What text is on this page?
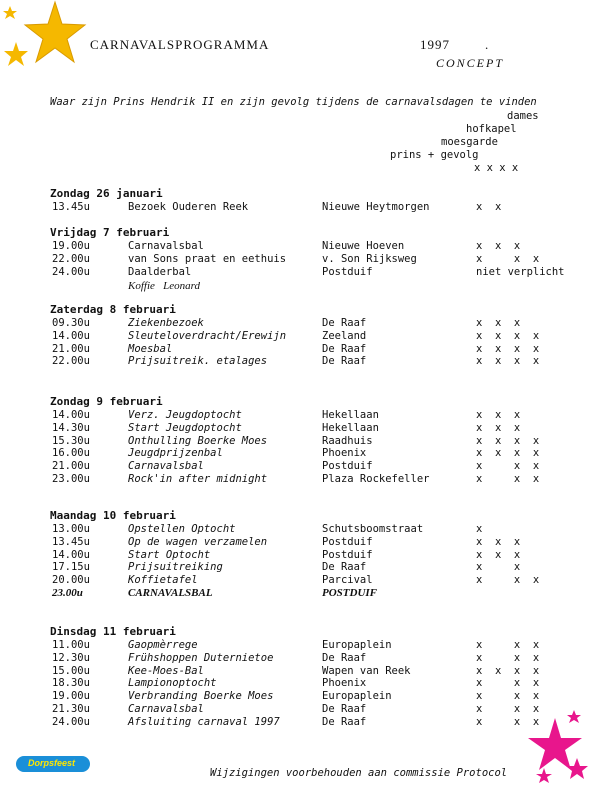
CARNAVALSPROGRAMMA	1997	.
CONCEPT
Waar zijn Prins Hendrik II en zijn gevolg tijdens de carnavalsdagen te vinden
dames
hofkapel
moesgarde
prins + gevolg
x x x x
Zondag 26 januari
13.45u	Bezoek Ouderen Reek	Nieuwe Heytmorgen	x  x
Vrijdag 7 februari
19.00u	Carnavalsbal	Nieuwe Hoeven	x  x  x
22.00u	van Sons praat en eethuis	v. Son Rijksweg	x     x  x
24.00u	Daalderbal	Postduif	niet verplicht
Koffie   Leonard
Zaterdag 8 februari
09.30u	Ziekenbezoek	De Raaf	x  x  x
14.00u	Sleuteloverdracht/Erewijn	Zeeland	x  x  x  x
21.00u	Moesbal	De Raaf	x  x  x  x
22.00u	Prijsuitreik. etalages	De Raaf	x  x  x  x
Zondag 9 februari
14.00u	Verz. Jeugdoptocht	Hekellaan	x  x  x
14.30u	Start Jeugdoptocht	Hekellaan	x  x  x
15.30u	Onthulling Boerke Moes	Raadhuis	x  x  x  x
16.00u	Jeugdprijzenbal	Phoenix	x  x  x  x
21.00u	Carnavalsbal	Postduif	x     x  x
23.00u	Rock'in after midnight	Plaza Rockefeller	x     x  x
Maandag 10 februari
13.00u	Opstellen Optocht	Schutsboomstraat	x
13.45u	Op de wagen verzamelen	Postduif	x  x  x
14.00u	Start Optocht	Postduif	x  x  x
17.15u	Prijsuitreiking	De Raaf	x     x
20.00u	Koffietafel	Parcival	x     x  x
23.00u	CARNAVALSBAL	POSTDUIF
Dinsdag 11 februari
11.00u	Gaopmèrrege	Europaplein	x     x  x
12.30u	Frühshoppen Duternietoe	De Raaf	x     x  x
15.00u	Kee-Moes-Bal	Wapen van Reek	x  x  x  x
18.30u	Lampionoptocht	Phoenix	x     x  x
19.00u	Verbranding Boerke Moes	Europaplein	x     x  x
21.30u	Carnavalsbal	De Raaf	x     x  x
24.00u	Afsluiting carnaval 1997	De Raaf	x     x  x
Wijzigingen voorbehouden aan commissie Protocol
Dorpsfeest
